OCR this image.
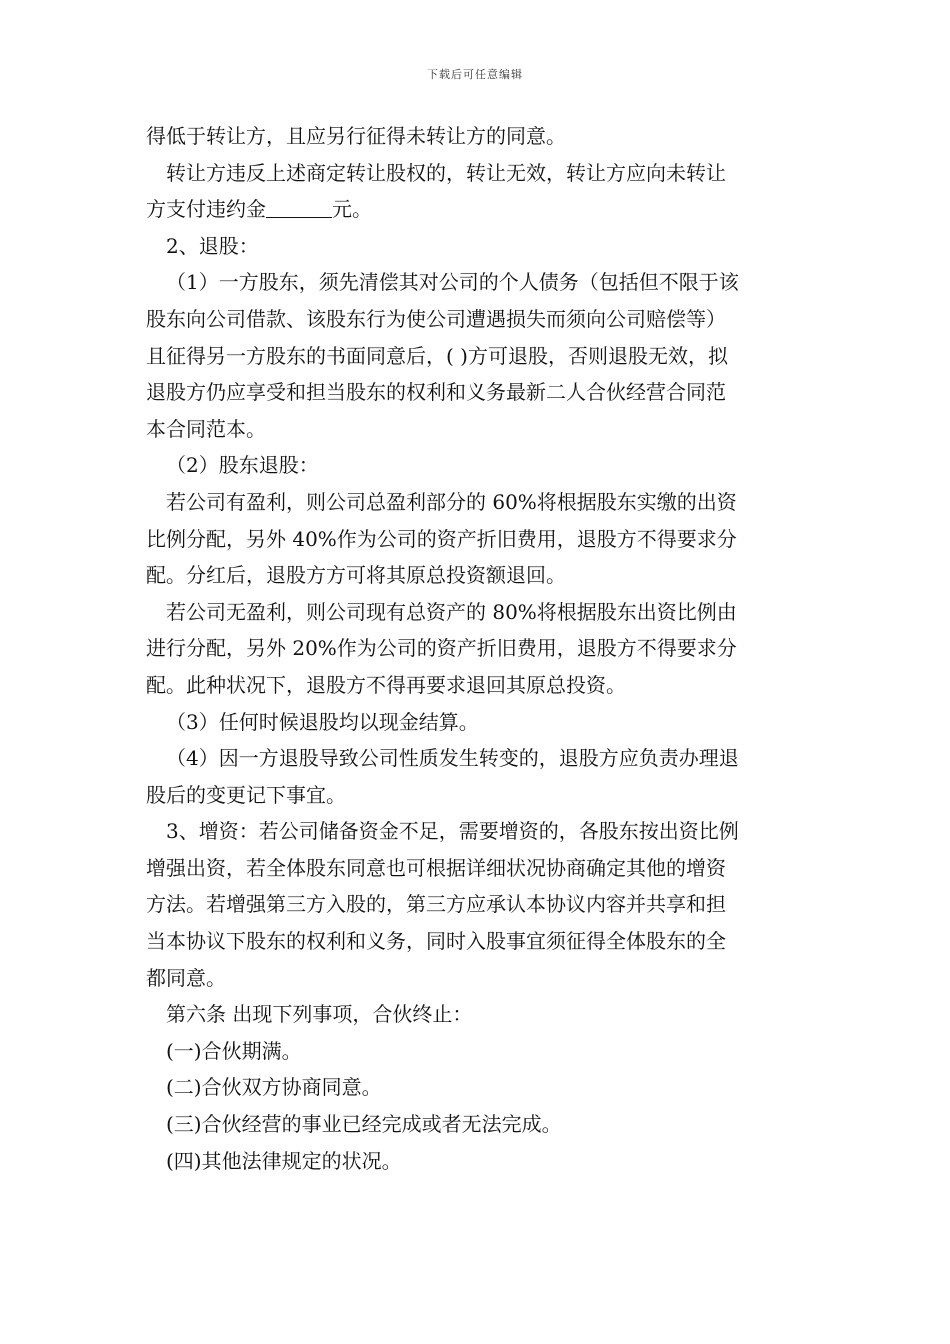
下载后可任意编辑
得低于转让方，且应另行征得未转让方的同意。
转让方违反上述商定转让股权的，转让无效，转让方应向未转让
方支付违约金	元。
2、退股：
（1）一方股东，须先清偿其对公司的个人债务（包括但不限于该
股东向公司借款、该股东行为使公司遭遇损失而须向公司赔偿等）
且征得另一方股东的书面同意后，( )方可退股，否则退股无效，拟
退股方仍应享受和担当股东的权利和义务最新二人合伙经营合同范
本合同范本。
（2）股东退股：
若公司有盈利，则公司总盈利部分的 60%将根据股东实缴的出资
比例分配，另外 40%作为公司的资产折旧费用，退股方不得要求分
配。分红后，退股方方可将其原总投资额退回。
若公司无盈利，则公司现有总资产的 80%将根据股东出资比例由
进行分配，另外 20%作为公司的资产折旧费用，退股方不得要求分
配。此种状况下，退股方不得再要求退回其原总投资。
（3）任何时候退股均以现金结算。
（4）因一方退股导致公司性质发生转变的，退股方应负责办理退
股后的变更记下事宜。
3、增资：若公司储备资金不足，需要增资的，各股东按出资比例
增强出资，若全体股东同意也可根据详细状况协商确定其他的增资
方法。若增强第三方入股的，第三方应承认本协议内容并共享和担
当本协议下股东的权利和义务，同时入股事宜须征得全体股东的全
都同意。
第六条 出现下列事项，合伙终止：
(一)合伙期满。
(二)合伙双方协商同意。
(三)合伙经营的事业已经完成或者无法完成。
(四)其他法律规定的状况。
